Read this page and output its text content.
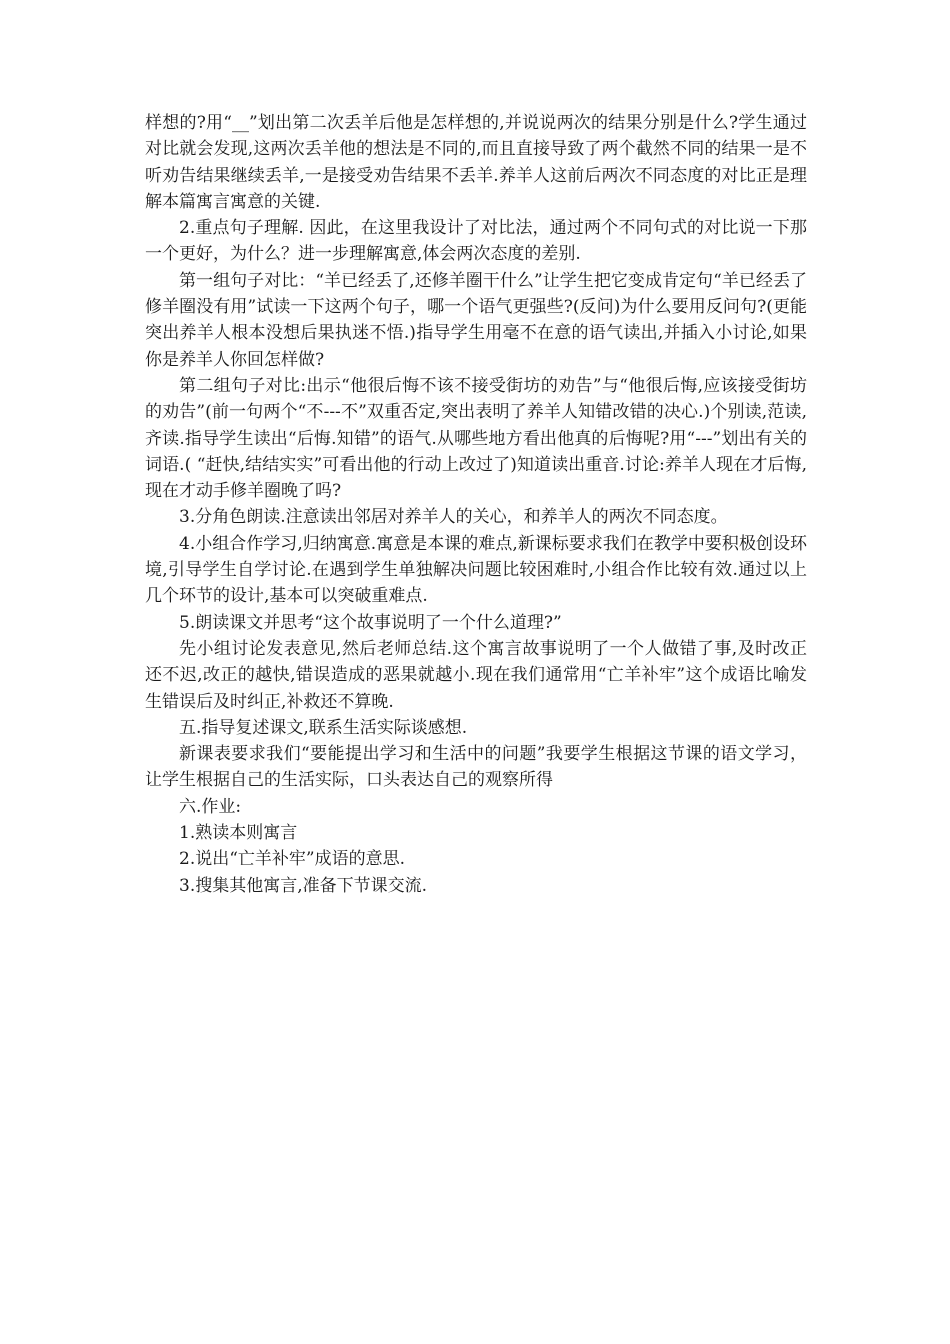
样想的?用“__”划出第二次丢羊后他是怎样想的,并说说两次的结果分别是什么?学生通过对比就会发现,这两次丢羊他的想法是不同的,而且直接导致了两个截然不同的结果一是不听劝告结果继续丢羊,一是接受劝告结果不丢羊.养羊人这前后两次不同态度的对比正是理解本篇寓言寓意的关键.

2.重点句子理解. 因此，在这里我设计了对比法，通过两个不同句式的对比说一下那一个更好，为什么？进一步理解寓意,体会两次态度的差别.

第一组句子对比：“羊已经丢了,还修羊圈干什么”让学生把它变成肯定句“羊已经丢了修羊圈没有用”试读一下这两个句子，哪一个语气更强些?(反问)为什么要用反问句?(更能突出养羊人根本没想后果执迷不悟.)指导学生用毫不在意的语气读出,并插入小讨论,如果你是养羊人你回怎样做?

第二组句子对比:出示“他很后悔不该不接受街坊的劝告”与“他很后悔,应该接受街坊的劝告”(前一句两个“不---不”双重否定,突出表明了养羊人知错改错的决心.)个别读,范读,齐读.指导学生读出“后悔.知错”的语气.从哪些地方看出他真的后悔呢?用“---”划出有关的词语.( “赶快,结结实实”可看出他的行动上改过了)知道读出重音.讨论:养羊人现在才后悔,现在才动手修羊圈晚了吗?

3.分角色朗读.注意读出邻居对养羊人的关心，和养羊人的两次不同态度。

4.小组合作学习,归纳寓意.寓意是本课的难点,新课标要求我们在教学中要积极创设环境,引导学生自学讨论.在遇到学生单独解决问题比较困难时,小组合作比较有效.通过以上几个环节的设计,基本可以突破重难点.

5.朗读课文并思考“这个故事说明了一个什么道理?”

先小组讨论发表意见,然后老师总结.这个寓言故事说明了一个人做错了事,及时改正还不迟,改正的越快,错误造成的恶果就越小.现在我们通常用“亡羊补牢”这个成语比喻发生错误后及时纠正,补救还不算晚.

五.指导复述课文,联系生活实际谈感想.

新课表要求我们“要能提出学习和生活中的问题”我要学生根据这节课的语文学习，让学生根据自己的生活实际，口头表达自己的观察所得

六.作业:

1.熟读本则寓言

2.说出“亡羊补牢”成语的意思.

3.搜集其他寓言,准备下节课交流.
